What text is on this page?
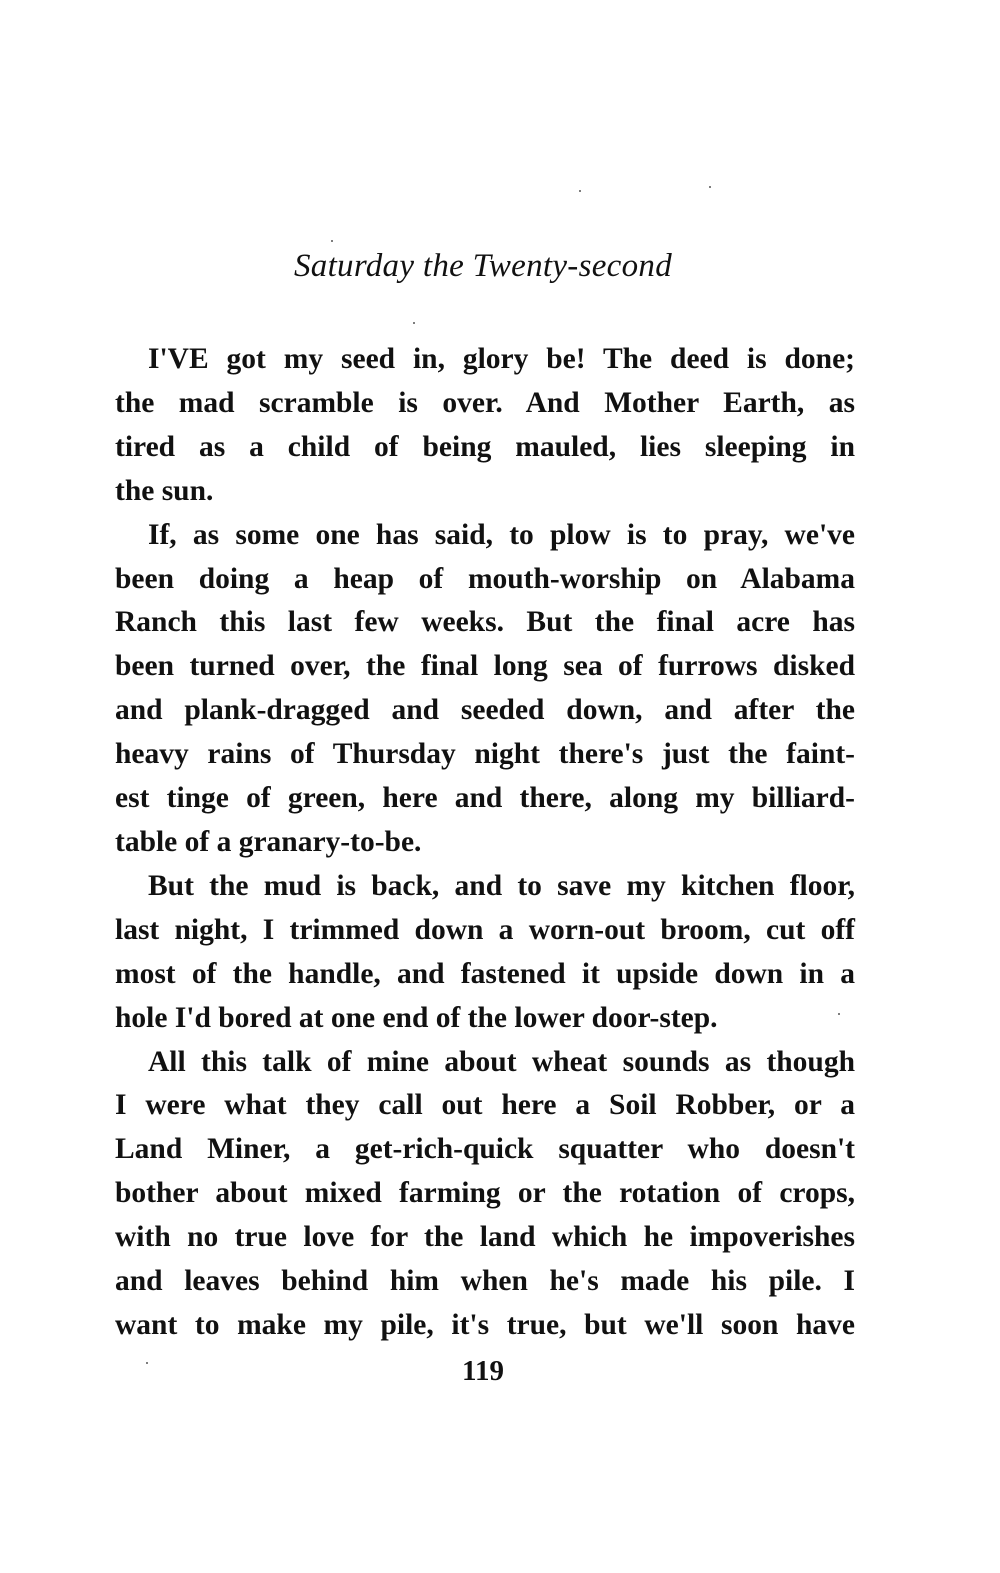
Saturday the Twenty-second
I'VE got my seed in, glory be! The deed is done;
the mad scramble is over. And Mother Earth, as
tired as a child of being mauled, lies sleeping in
the sun.
If, as some one has said, to plow is to pray, we've
been doing a heap of mouth-worship on Alabama
Ranch this last few weeks. But the final acre has
been turned over, the final long sea of furrows disked
and plank-dragged and seeded down, and after the
heavy rains of Thursday night there's just the faint-
est tinge of green, here and there, along my billiard-
table of a granary-to-be.
But the mud is back, and to save my kitchen floor,
last night, I trimmed down a worn-out broom, cut off
most of the handle, and fastened it upside down in a
hole I'd bored at one end of the lower door-step.
All this talk of mine about wheat sounds as though
I were what they call out here a Soil Robber, or a
Land Miner, a get-rich-quick squatter who doesn't
bother about mixed farming or the rotation of crops,
with no true love for the land which he impoverishes
and leaves behind him when he's made his pile. I
want to make my pile, it's true, but we'll soon have
119
